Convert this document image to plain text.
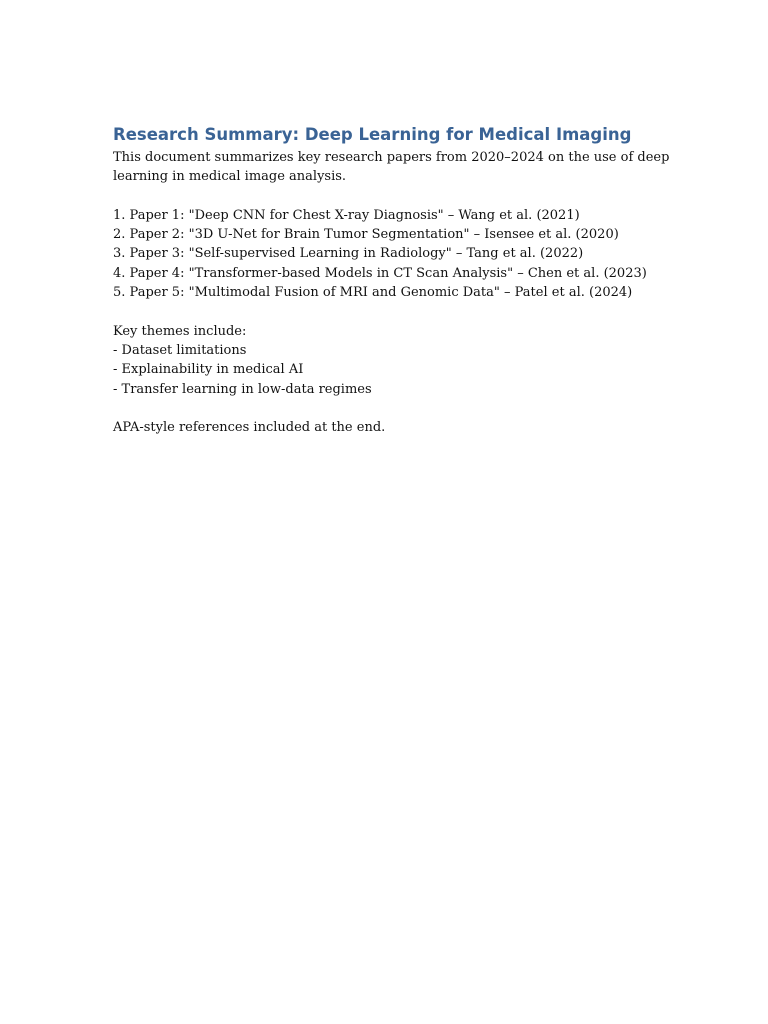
Research Summary: Deep Learning for Medical Imaging

This document summarizes key research papers from 2020–2024 on the use of deep
learning in medical image analysis.

1. Paper 1: "Deep CNN for Chest X-ray Diagnosis" – Wang et al. (2021)
2. Paper 2: "3D U-Net for Brain Tumor Segmentation" – Isensee et al. (2020)
3. Paper 3: "Self-supervised Learning in Radiology" – Tang et al. (2022)
4. Paper 4: "Transformer-based Models in CT Scan Analysis" – Chen et al. (2023)
5. Paper 5: "Multimodal Fusion of MRI and Genomic Data" – Patel et al. (2024)
Key themes include:
- Dataset limitations
- Explainability in medical AI
- Transfer learning in low-data regimes

APA-style references included at the end.
